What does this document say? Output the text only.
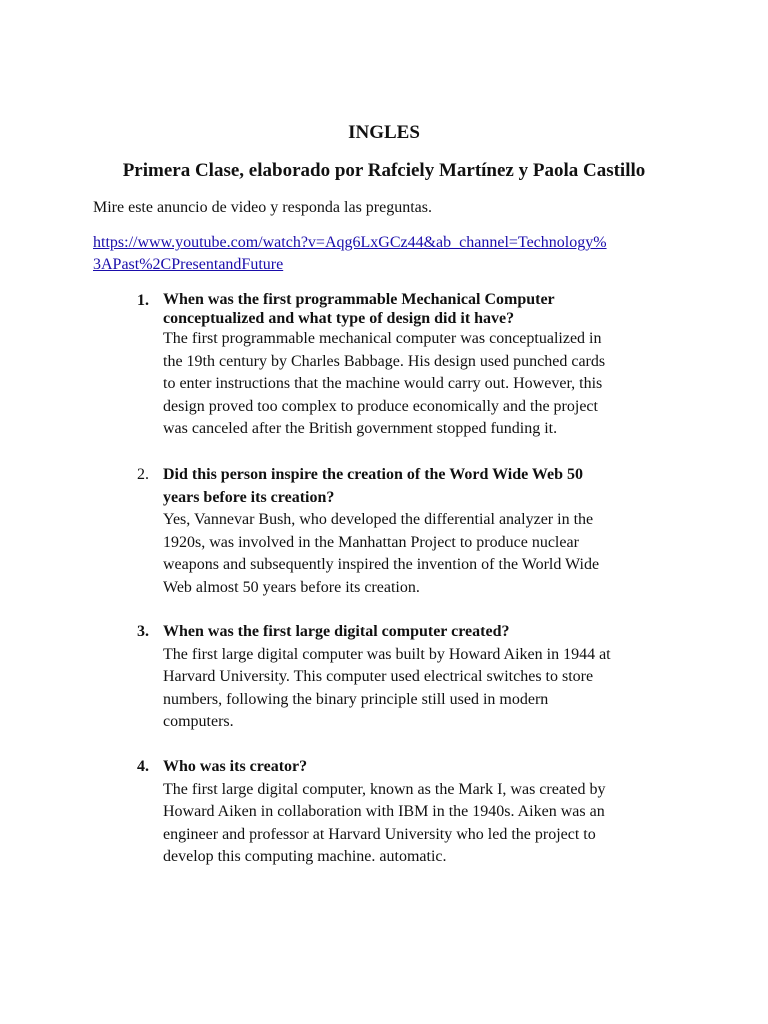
INGLES
Primera Clase, elaborado por Rafciely Martínez y Paola Castillo
Mire este anuncio de video y responda las preguntas.
https://www.youtube.com/watch?v=Aqg6LxGCz44&ab_channel=Technology%
3APast%2CPresentandFuture
1. When was the first programmable Mechanical Computer
conceptualized and what type of design did it have?
The first programmable mechanical computer was conceptualized in
the 19th century by Charles Babbage. His design used punched cards
to enter instructions that the machine would carry out. However, this
design proved too complex to produce economically and the project
was canceled after the British government stopped funding it.
2. Did this person inspire the creation of the Word Wide Web 50
years before its creation?
Yes, Vannevar Bush, who developed the differential analyzer in the
1920s, was involved in the Manhattan Project to produce nuclear
weapons and subsequently inspired the invention of the World Wide
Web almost 50 years before its creation.
3. When was the first large digital computer created?
The first large digital computer was built by Howard Aiken in 1944 at
Harvard University. This computer used electrical switches to store
numbers, following the binary principle still used in modern
computers.
4. Who was its creator?
The first large digital computer, known as the Mark I, was created by
Howard Aiken in collaboration with IBM in the 1940s. Aiken was an
engineer and professor at Harvard University who led the project to
develop this computing machine. automatic.
